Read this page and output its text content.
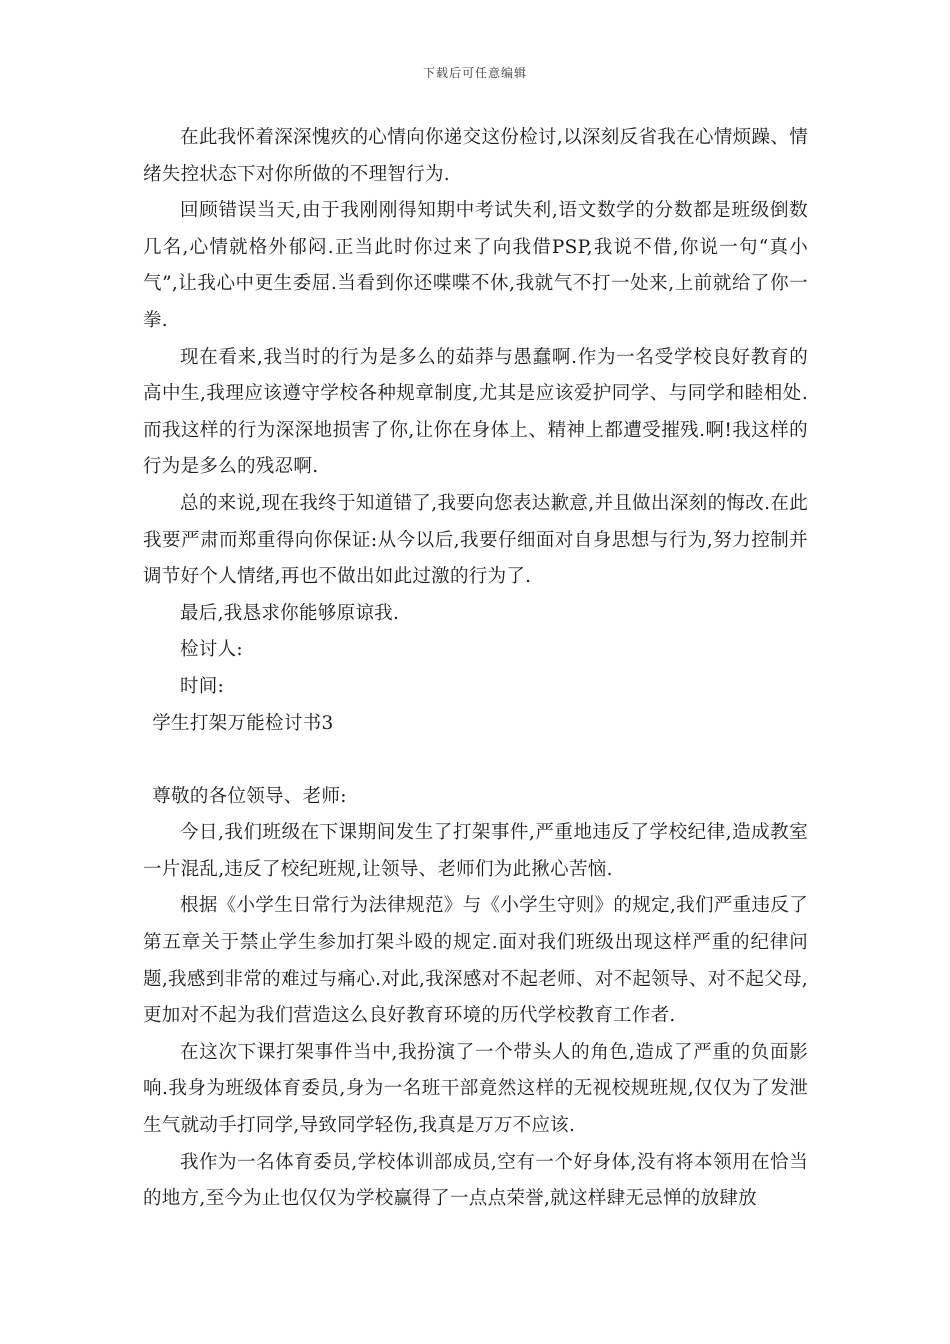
下载后可任意编辑

在此我怀着深深愧疚的心情向你递交这份检讨,以深刻反省我在心情烦躁、情绪失控状态下对你所做的不理智行为.

回顾错误当天,由于我刚刚得知期中考试失利,语文数学的分数都是班级倒数几名,心情就格外郁闷.正当此时你过来了向我借PSP,我说不借,你说一句“真小气”,让我心中更生委屈.当看到你还喋喋不休,我就气不打一处来,上前就给了你一拳.

现在看来,我当时的行为是多么的茹莽与愚蠢啊.作为一名受学校良好教育的高中生,我理应该遵守学校各种规章制度,尤其是应该爱护同学、与同学和睦相处.而我这样的行为深深地损害了你,让你在身体上、精神上都遭受摧残.啊!我这样的行为是多么的残忍啊.

总的来说,现在我终于知道错了,我要向您表达歉意,并且做出深刻的悔改.在此我要严肃而郑重得向你保证:从今以后,我要仔细面对自身思想与行为,努力控制并调节好个人情绪,再也不做出如此过激的行为了.

最后,我恳求你能够原谅我.

检讨人:

时间:

学生打架万能检讨书3

尊敬的各位领导、老师:

今日,我们班级在下课期间发生了打架事件,严重地违反了学校纪律,造成教室一片混乱,违反了校纪班规,让领导、老师们为此揪心苦恼.

根据《小学生日常行为法律规范》与《小学生守则》的规定,我们严重违反了第五章关于禁止学生参加打架斗殴的规定.面对我们班级出现这样严重的纪律问题,我感到非常的难过与痛心.对此,我深感对不起老师、对不起领导、对不起父母,更加对不起为我们营造这么良好教育环境的历代学校教育工作者.

在这次下课打架事件当中,我扮演了一个带头人的角色,造成了严重的负面影响.我身为班级体育委员,身为一名班干部竟然这样的无视校规班规,仅仅为了发泄生气就动手打同学,导致同学轻伤,我真是万万不应该.

我作为一名体育委员,学校体训部成员,空有一个好身体,没有将本领用在恰当的地方,至今为止也仅仅为学校赢得了一点点荣誉,就这样肆无忌惮的放肆放
